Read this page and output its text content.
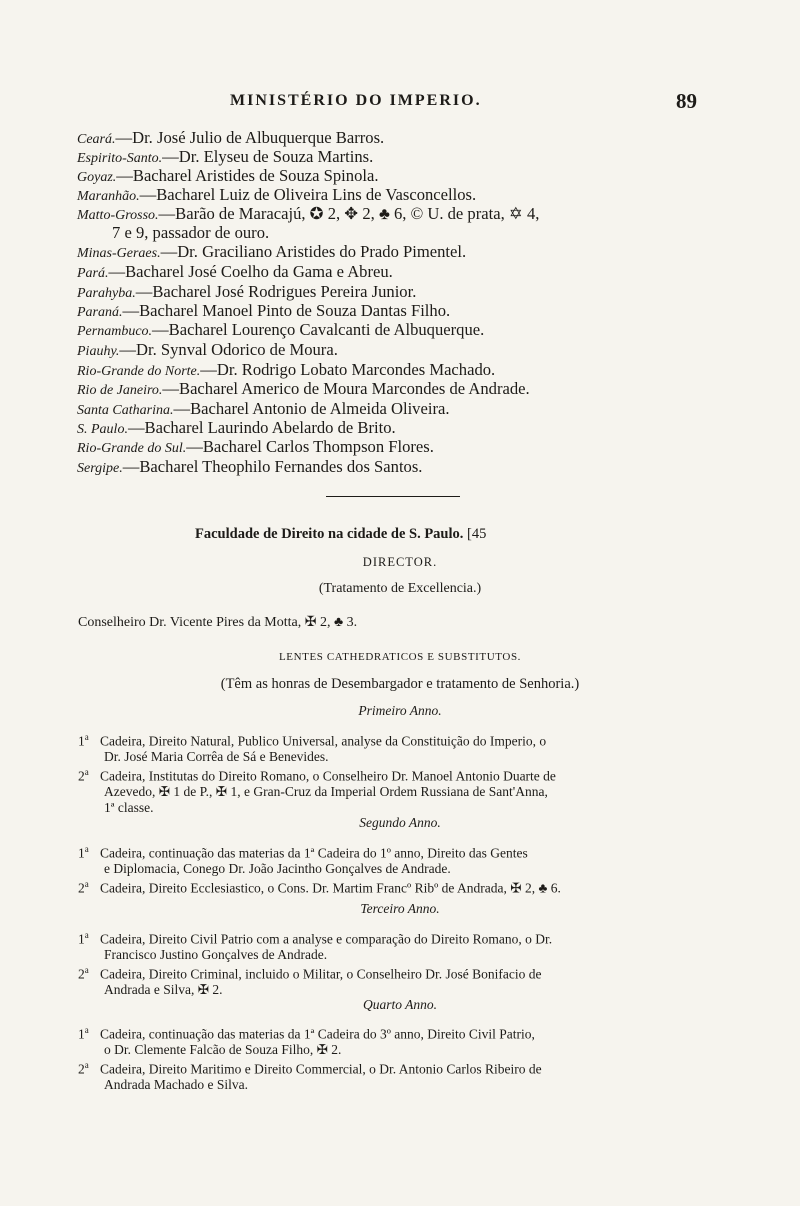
MINISTÉRIO DO IMPERIO.	89
Ceará.—Dr. José Julio de Albuquerque Barros.
Espirito-Santo.—Dr. Elyseu de Souza Martins.
Goyaz.—Bacharel Aristides de Souza Spinola.
Maranhão.—Bacharel Luiz de Oliveira Lins de Vasconcellos.
Matto-Grosso.—Barão de Maracajú, ✪ 2, ✥ 2, ♣ 6, © U. de prata, ✡ 4,
7 e 9, passador de ouro.
Minas-Geraes.—Dr. Graciliano Aristides do Prado Pimentel.
Pará.—Bacharel José Coelho da Gama e Abreu.
Parahyba.—Bacharel José Rodrigues Pereira Junior.
Paraná.—Bacharel Manoel Pinto de Souza Dantas Filho.
Pernambuco.—Bacharel Lourenço Cavalcanti de Albuquerque.
Piauhy.—Dr. Synval Odorico de Moura.
Rio-Grande do Norte.—Dr. Rodrigo Lobato Marcondes Machado.
Rio de Janeiro.—Bacharel Americo de Moura Marcondes de Andrade.
Santa Catharina.—Bacharel Antonio de Almeida Oliveira.
S. Paulo.—Bacharel Laurindo Abelardo de Brito.
Rio-Grande do Sul.—Bacharel Carlos Thompson Flores.
Sergipe.—Bacharel Theophilo Fernandes dos Santos.
Faculdade de Direito na cidade de S. Paulo. [45
DIRECTOR.
(Tratamento de Excellencia.)
Conselheiro Dr. Vicente Pires da Motta, ✠ 2, ♣ 3.
LENTES CATHEDRATICOS E SUBSTITUTOS.
(Têm as honras de Desembargador e tratamento de Senhoria.)
Primeiro Anno.
1$^a$ Cadeira, Direito Natural, Publico Universal, analyse da Constituição do Imperio, o
Dr. José Maria Corrêa de Sá e Benevides.
2$^a$ Cadeira, Institutas do Direito Romano, o Conselheiro Dr. Manoel Antonio Duarte de
Azevedo, ✠ 1 de P., ✠ 1, e Gran-Cruz da Imperial Ordem Russiana de Sant'Anna,
1ª classe.
Segundo Anno.
1$^a$ Cadeira, continuação das materias da 1ª Cadeira do 1º anno, Direito das Gentes
e Diplomacia, Conego Dr. João Jacintho Gonçalves de Andrade.
2$^a$ Cadeira, Direito Ecclesiastico, o Cons. Dr. Martim Francº Ribº de Andrada, ✠ 2, ♣ 6.
Terceiro Anno.
1$^a$ Cadeira, Direito Civil Patrio com a analyse e comparação do Direito Romano, o Dr.
Francisco Justino Gonçalves de Andrade.
2$^a$ Cadeira, Direito Criminal, incluido o Militar, o Conselheiro Dr. José Bonifacio de
Andrada e Silva, ✠ 2.
Quarto Anno.
1$^a$ Cadeira, continuação das materias da 1ª Cadeira do 3º anno, Direito Civil Patrio,
o Dr. Clemente Falcão de Souza Filho, ✠ 2.
2$^a$ Cadeira, Direito Maritimo e Direito Commercial, o Dr. Antonio Carlos Ribeiro de
Andrada Machado e Silva.
